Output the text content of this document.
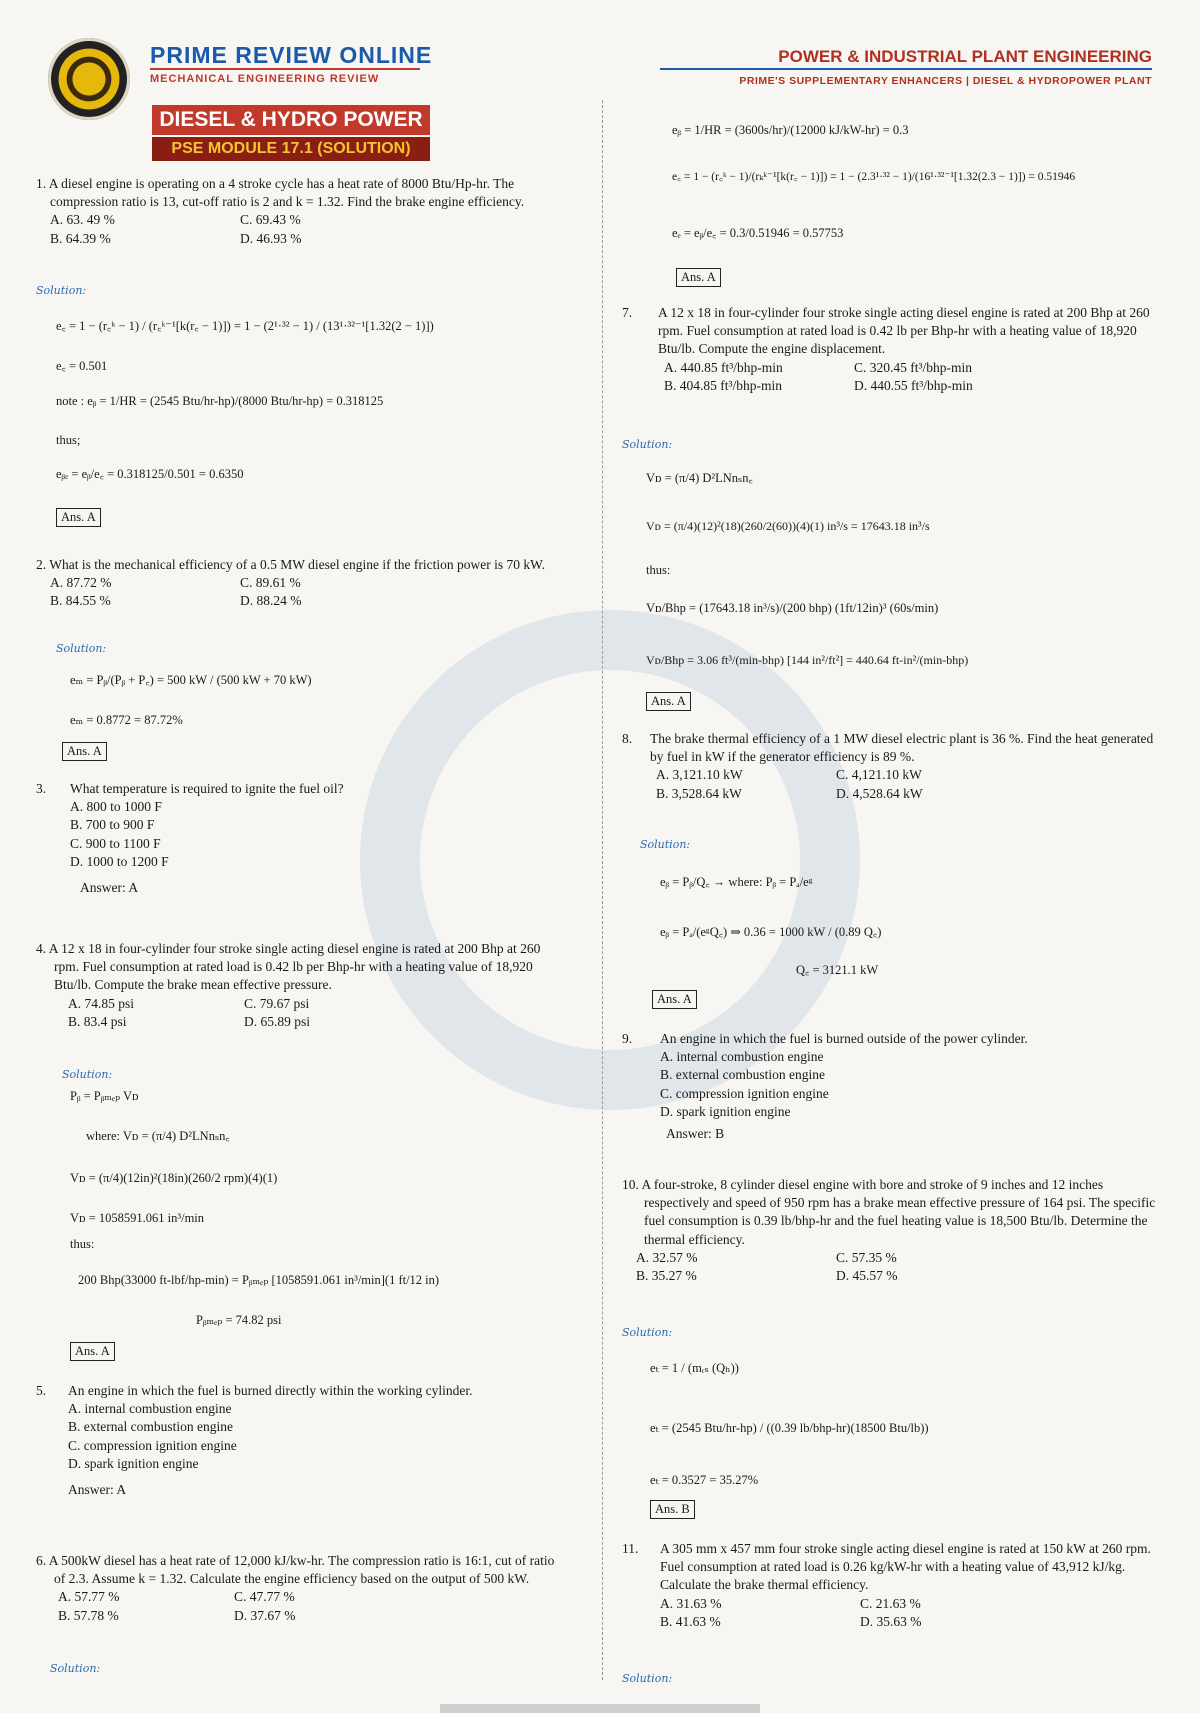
PRIME REVIEW ONLINE
MECHANICAL ENGINEERING REVIEW
POWER & INDUSTRIAL PLANT ENGINEERING
PRIME'S SUPPLEMENTARY ENHANCERS | DIESEL & HYDROPOWER PLANT
DIESEL & HYDRO POWER
PSE MODULE 17.1 (SOLUTION)
1. A diesel engine is operating on a 4 stroke cycle has a heat rate of 8000 Btu/Hp-hr. The compression ratio is 13, cut-off ratio is 2 and k = 1.32. Find the brake engine efficiency.
A. 63. 49 %	C. 69.43 %
B. 64.39 %	D. 46.93 %
Solution:
e꜀ = 1 − (r꜀ᵏ − 1) / (r꜀ᵏ⁻¹[k(r꜀ − 1)]) = 1 − (2¹·³² − 1) / (13¹·³²⁻¹[1.32(2 − 1)])
e꜀ = 0.501
note : eᵦ = 1/HR = (2545 Btu/hr-hp)/(8000 Btu/hr-hp) = 0.318125
thus;
eᵦₑ = eᵦ/e꜀ = 0.318125/0.501 = 0.6350
Ans. A
2. What is the mechanical efficiency of a 0.5 MW diesel engine if the friction power is 70 kW.
A. 87.72 %	C. 89.61 %
B. 84.55 %	D. 88.24 %
Solution:
eₘ = Pᵦ/(Pᵦ + P꜀) = 500 kW / (500 kW + 70 kW)
eₘ = 0.8772 = 87.72%
Ans. A
3. What temperature is required to ignite the fuel oil?
A. 800 to 1000 F
B. 700 to 900 F
C. 900 to 1100 F
D. 1000 to 1200 F
Answer: A
4. A 12 x 18 in four-cylinder four stroke single acting diesel engine is rated at 200 Bhp at 260 rpm. Fuel consumption at rated load is 0.42 lb per Bhp-hr with a heating value of 18,920 Btu/lb. Compute the brake mean effective pressure.
A. 74.85 psi	C. 79.67 psi
B. 83.4 psi	D. 65.89 psi
Solution:
Pᵦ = Pᵦₘₑₚ Vᴅ
where: Vᴅ = (π/4) D²LNnₛn꜀
Vᴅ = (π/4)(12in)²(18in)(260/2 rpm)(4)(1)
Vᴅ = 1058591.061 in³/min
thus:
200 Bhp(33000 ft-lbf/hp-min) = Pᵦₘₑₚ [1058591.061 in³/min](1 ft/12 in)
Pᵦₘₑₚ = 74.82 psi
Ans. A
5. An engine in which the fuel is burned directly within the working cylinder.
A. internal combustion engine
B. external combustion engine
C. compression ignition engine
D. spark ignition engine
Answer: A
6. A 500kW diesel has a heat rate of 12,000 kJ/kw-hr. The compression ratio is 16:1, cut of ratio of 2.3. Assume k = 1.32. Calculate the engine efficiency based on the output of 500 kW.
A. 57.77 %	C. 47.77 %
B. 57.78 %	D. 37.67 %
Solution:
eᵦ = 1/HR = (3600s/hr)/(12000 kJ/kW-hr) = 0.3
e꜀ = 1 − (r꜀ᵏ − 1)/(rₖᵏ⁻¹[k(r꜀ − 1)]) = 1 − (2.3¹·³² − 1)/(16¹·³²⁻¹[1.32(2.3 − 1)]) = 0.51946
eₑ = eᵦ/e꜀ = 0.3/0.51946 = 0.57753
Ans. A
7. A 12 x 18 in four-cylinder four stroke single acting diesel engine is rated at 200 Bhp at 260 rpm. Fuel consumption at rated load is 0.42 lb per Bhp-hr with a heating value of 18,920 Btu/lb. Compute the engine displacement.
A. 440.85 ft³/bhp-min	C. 320.45 ft³/bhp-min
B. 404.85 ft³/bhp-min	D. 440.55 ft³/bhp-min
Solution:
Vᴅ = (π/4) D²LNnₛn꜀
Vᴅ = (π/4)(12)²(18)(260/2(60))(4)(1) in³/s = 17643.18 in³/s
thus:
Vᴅ/Bhp = (17643.18 in³/s)/(200 bhp) (1ft/12in)³ (60s/min)
Vᴅ/Bhp = 3.06 ft³/(min-bhp) [144 in²/ft²] = 440.64 ft-in²/(min-bhp)
Ans. A
8. The brake thermal efficiency of a 1 MW diesel electric plant is 36 %. Find the heat generated by fuel in kW if the generator efficiency is 89 %.
A. 3,121.10 kW	C. 4,121.10 kW
B. 3,528.64 kW	D. 4,528.64 kW
Solution:
eᵦ = Pᵦ/Q꜀ → where: Pᵦ = Pₐ/eᵍ
eᵦ = Pₐ/(eᵍQ꜀) ⇒ 0.36 = 1000 kW / (0.89 Q꜀)
Q꜀ = 3121.1 kW
Ans. A
9. An engine in which the fuel is burned outside of the power cylinder.
A. internal combustion engine
B. external combustion engine
C. compression ignition engine
D. spark ignition engine
Answer: B
10. A four-stroke, 8 cylinder diesel engine with bore and stroke of 9 inches and 12 inches respectively and speed of 950 rpm has a brake mean effective pressure of 164 psi. The specific fuel consumption is 0.39 lb/bhp-hr and the fuel heating value is 18,500 Btu/lb. Determine the thermal efficiency.
A. 32.57 %	C. 57.35 %
B. 35.27 %	D. 45.57 %
Solution:
eₜ = 1 / (mᵣₛ (Qₕ))
eₜ = (2545 Btu/hr-hp) / ((0.39 lb/bhp-hr)(18500 Btu/lb))
eₜ = 0.3527 = 35.27%
Ans. B
11. A 305 mm x 457 mm four stroke single acting diesel engine is rated at 150 kW at 260 rpm. Fuel consumption at rated load is 0.26 kg/kW-hr with a heating value of 43,912 kJ/kg. Calculate the brake thermal efficiency.
A. 31.63 %	C. 21.63 %
B. 41.63 %	D. 35.63 %
Solution:
